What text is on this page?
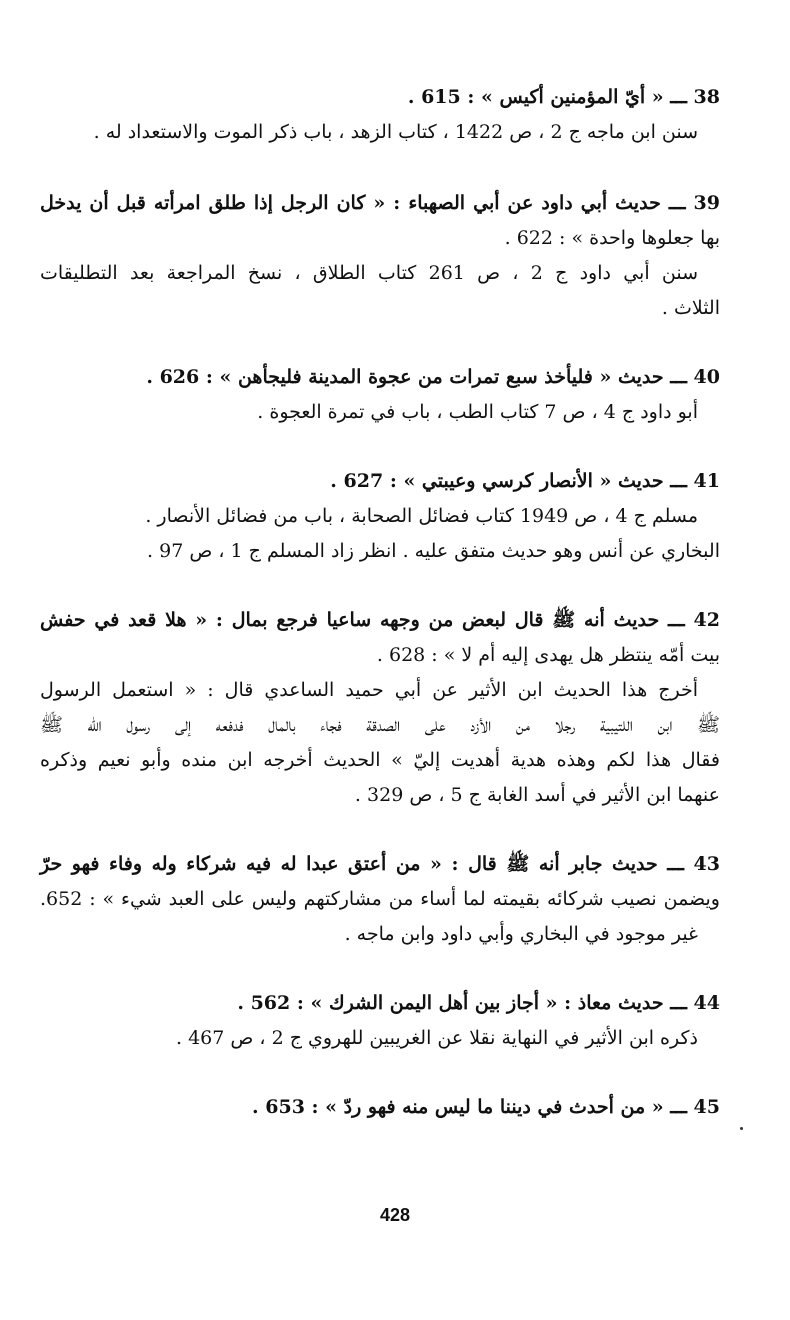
38 ـــ « أيّ المؤمنين أكيس » : 615 .
سنن ابن ماجه ج 2 ، ص 1422 ، كتاب الزهد ، باب ذكر الموت والاستعداد له .
39 ـــ حديث أبي داود عن أبي الصهباء : « كان الرجل إذا طلق امرأته قبل أن يدخل
بها جعلوها واحدة » : 622 .
سنن أبي داود ج 2 ، ص 261 كتاب الطلاق ، نسخ المراجعة بعد التطليقات
الثلاث .
40 ـــ حديث « فليأخذ سبع تمرات من عجوة المدينة فليجأهن » : 626 .
أبو داود ج 4 ، ص 7 كتاب الطب ، باب في تمرة العجوة .
41 ـــ حديث « الأنصار كرسي وعيبتي » : 627 .
مسلم ج 4 ، ص 1949 كتاب فضائل الصحابة ، باب من فضائل الأنصار .
البخاري عن أنس وهو حديث متفق عليه . انظر زاد المسلم ج 1 ، ص 97 .
42 ـــ حديث أنه ﷺ قال لبعض من وجهه ساعيا فرجع بمال : « هلا قعد في حفش
بيت أمّه ينتظر هل يهدى إليه أم لا » : 628 .
أخرج هذا الحديث ابن الأثير عن أبي حميد الساعدي قال : « استعمل الرسول
ﷺ ابن اللتيبية رجلا من الأزد على الصدقة فجاء بالمال فدفعه إلى رسول الله ﷺ
فقال هذا لكم وهذه هدية أهديت إليّ » الحديث أخرجه ابن منده وأبو نعيم وذكره
عنهما ابن الأثير في أسد الغابة ج 5 ، ص 329 .
43 ـــ حديث جابر أنه ﷺ قال : « من أعتق عبدا له فيه شركاء وله وفاء فهو حرّ
ويضمن نصيب شركائه بقيمته لما أساء من مشاركتهم وليس على العبد شيء » : 652.
غير موجود في البخاري وأبي داود وابن ماجه .
44 ـــ حديث معاذ : « أجاز بين أهل اليمن الشرك » : 562 .
ذكره ابن الأثير في النهاية نقلا عن الغريبين للهروي ج 2 ، ص 467 .
45 ـــ « من أحدث في ديننا ما ليس منه فهو ردّ » : 653 .
428
